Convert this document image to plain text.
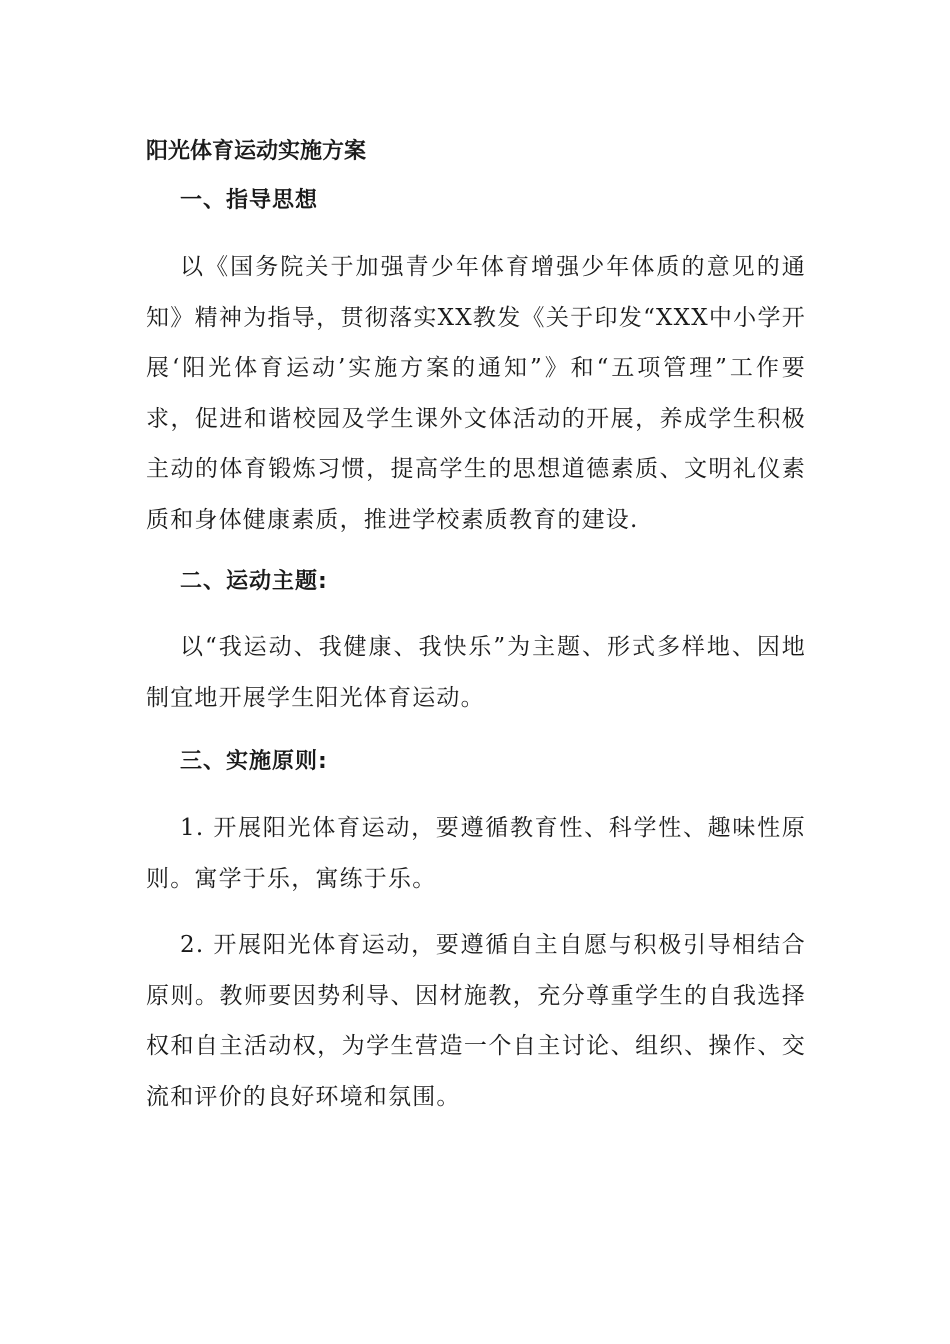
阳光体育运动实施方案
一、指导思想

以《国务院关于加强青少年体育增强少年体质的意见的通知》精神为指导，贯彻落实XX教发《关于印发“XXX中小学开展‘阳光体育运动’实施方案的通知”》和“五项管理”工作要求，促进和谐校园及学生课外文体活动的开展，养成学生积极主动的体育锻炼习惯，提高学生的思想道德素质、文明礼仪素质和身体健康素质，推进学校素质教育的建设.

二、运动主题:

以“我运动、我健康、我快乐”为主题、形式多样地、因地制宜地开展学生阳光体育运动。

三、实施原则:

1. 开展阳光体育运动，要遵循教育性、科学性、趣味性原则。寓学于乐，寓练于乐。

2. 开展阳光体育运动，要遵循自主自愿与积极引导相结合原则。教师要因势利导、因材施教，充分尊重学生的自我选择权和自主活动权，为学生营造一个自主讨论、组织、操作、交流和评价的良好环境和氛围。
